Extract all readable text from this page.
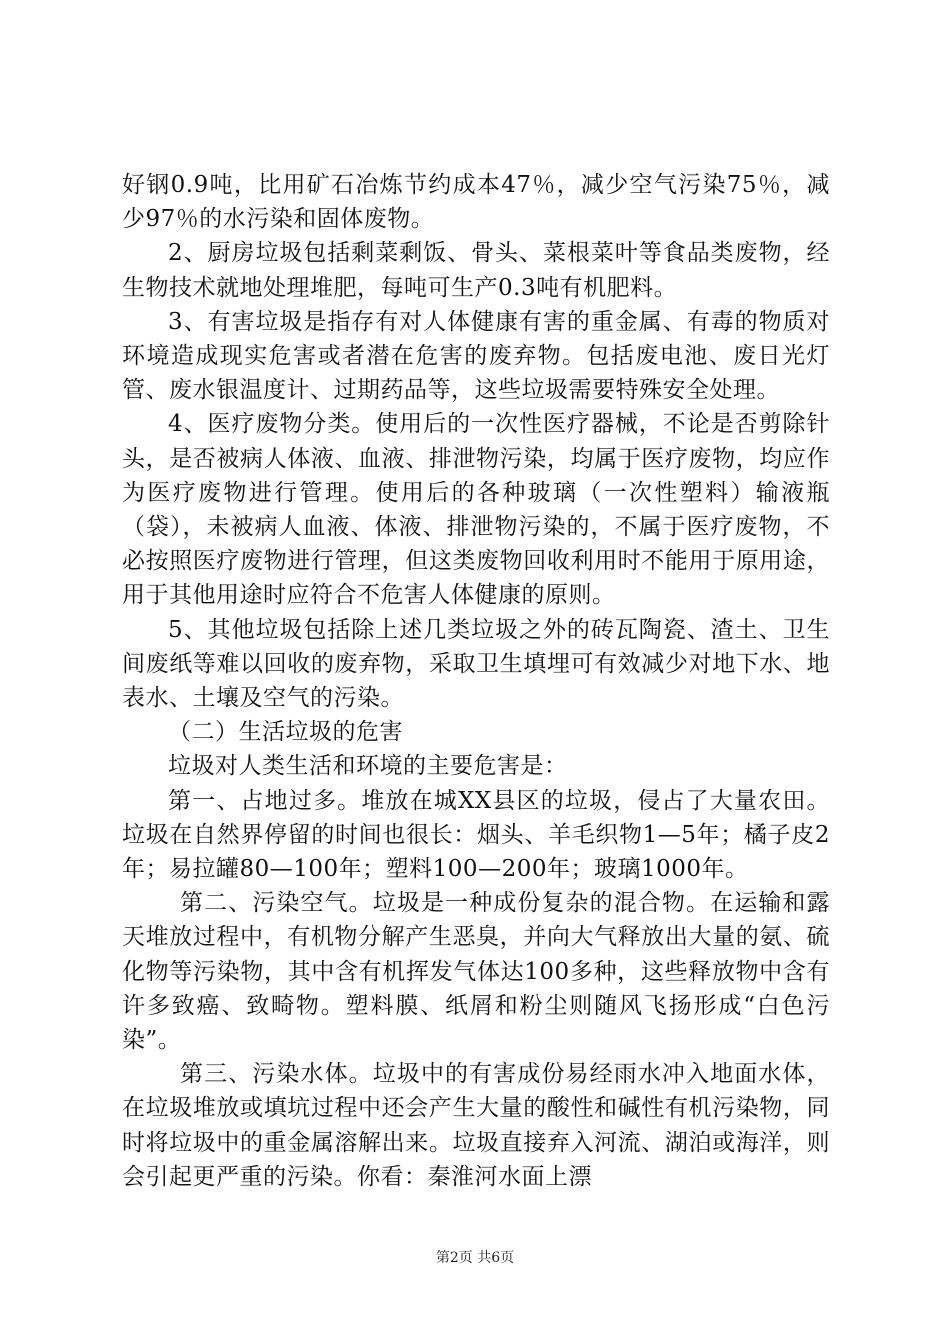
好钢0.9吨，比用矿石冶炼节约成本47％，减少空气污染75％，减少97％的水污染和固体废物。

2、厨房垃圾包括剩菜剩饭、骨头、菜根菜叶等食品类废物，经生物技术就地处理堆肥，每吨可生产0.3吨有机肥料。

3、有害垃圾是指存有对人体健康有害的重金属、有毒的物质对环境造成现实危害或者潜在危害的废弃物。包括废电池、废日光灯管、废水银温度计、过期药品等，这些垃圾需要特殊安全处理。

4、医疗废物分类。使用后的一次性医疗器械，不论是否剪除针头，是否被病人体液、血液、排泄物污染，均属于医疗废物，均应作为医疗废物进行管理。使用后的各种玻璃（一次性塑料）输液瓶（袋），未被病人血液、体液、排泄物污染的，不属于医疗废物，不必按照医疗废物进行管理，但这类废物回收利用时不能用于原用途，用于其他用途时应符合不危害人体健康的原则。

5、其他垃圾包括除上述几类垃圾之外的砖瓦陶瓷、渣土、卫生间废纸等难以回收的废弃物，采取卫生填埋可有效减少对地下水、地表水、土壤及空气的污染。

（二）生活垃圾的危害

垃圾对人类生活和环境的主要危害是：

第一、占地过多。堆放在城XX县区的垃圾，侵占了大量农田。垃圾在自然界停留的时间也很长：烟头、羊毛织物1—5年；橘子皮2年；易拉罐80—100年；塑料100—200年；玻璃1000年。

第二、污染空气。垃圾是一种成份复杂的混合物。在运输和露天堆放过程中，有机物分解产生恶臭，并向大气释放出大量的氨、硫化物等污染物，其中含有机挥发气体达100多种，这些释放物中含有许多致癌、致畸物。塑料膜、纸屑和粉尘则随风飞扬形成“白色污染”。

第三、污染水体。垃圾中的有害成份易经雨水冲入地面水体，在垃圾堆放或填坑过程中还会产生大量的酸性和碱性有机污染物，同时将垃圾中的重金属溶解出来。垃圾直接弃入河流、湖泊或海洋，则会引起更严重的污染。你看：秦淮河水面上漂

第2页 共6页
